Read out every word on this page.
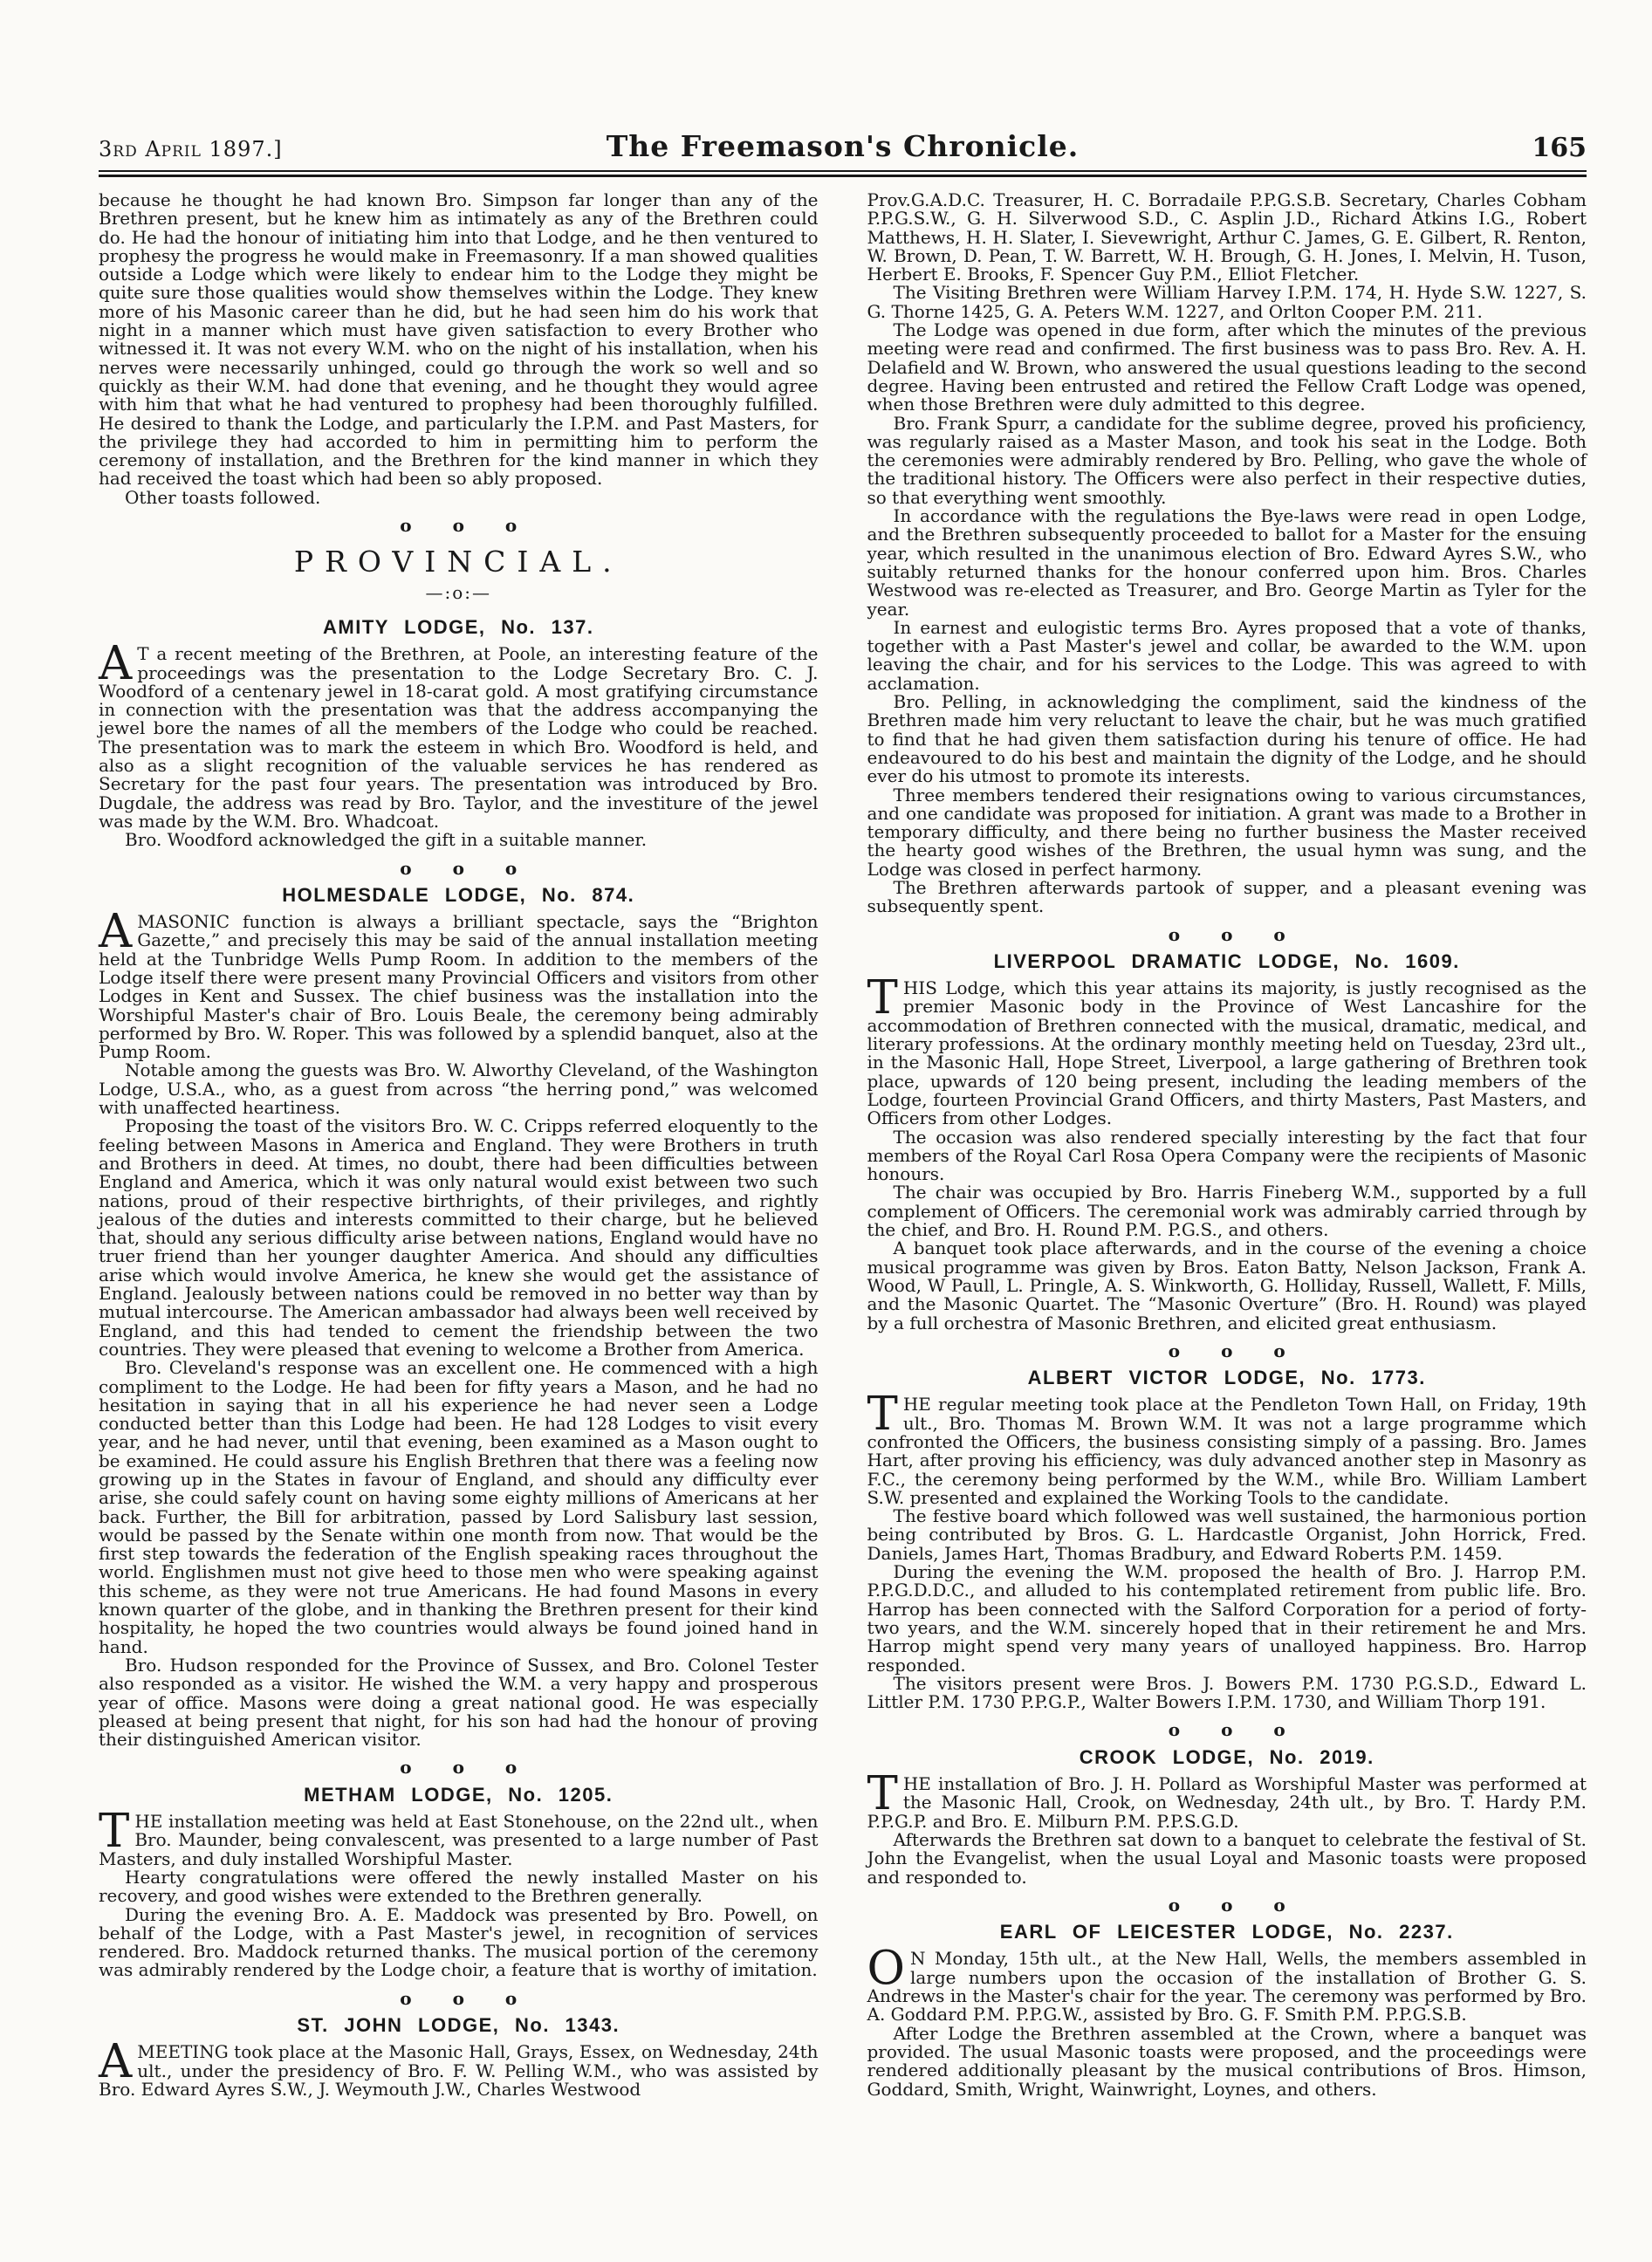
3rd April 1897.]	The Freemason's Chronicle.	165

because he thought he had known Bro. Simpson far longer than any of the Brethren present, but he knew him as intimately as any of the Brethren could do. He had the honour of initiating him into that Lodge, and he then ventured to prophesy the progress he would make in Freemasonry. If a man showed qualities outside a Lodge which were likely to endear him to the Lodge they might be quite sure those qualities would show themselves within the Lodge. They knew more of his Masonic career than he did, but he had seen him do his work that night in a manner which must have given satisfaction to every Brother who witnessed it. It was not every W.M. who on the night of his installation, when his nerves were necessarily unhinged, could go through the work so well and so quickly as their W.M. had done that evening, and he thought they would agree with him that what he had ventured to prophesy had been thoroughly fulfilled. He desired to thank the Lodge, and particularly the I.P.M. and Past Masters, for the privilege they had accorded to him in permitting him to perform the ceremony of installation, and the Brethren for the kind manner in which they had received the toast which had been so ably proposed.

Other toasts followed.

o o o
PROVINCIAL.
—:o:—
AMITY LODGE, No. 137.

A T a recent meeting of the Brethren, at Poole, an interesting feature of the proceedings was the presentation to the Lodge Secretary Bro. C. J. Woodford of a centenary jewel in 18-carat gold. A most gratifying circumstance in connection with the presentation was that the address accompanying the jewel bore the names of all the members of the Lodge who could be reached. The presentation was to mark the esteem in which Bro. Woodford is held, and also as a slight recognition of the valuable services he has rendered as Secretary for the past four years. The presentation was introduced by Bro. Dugdale, the address was read by Bro. Taylor, and the investiture of the jewel was made by the W.M. Bro. Whadcoat.

Bro. Woodford acknowledged the gift in a suitable manner.

o o o
HOLMESDALE LODGE, No. 874.

AMASONIC function is always a brilliant spectacle, says the “Brighton Gazette,” and precisely this may be said of the annual installation meeting held at the Tunbridge Wells Pump Room. In addition to the members of the Lodge itself there were present many Provincial Officers and visitors from other Lodges in Kent and Sussex. The chief business was the installation into the Worshipful Master's chair of Bro. Louis Beale, the ceremony being admirably performed by Bro. W. Roper. This was followed by a splendid banquet, also at the Pump Room.

Notable among the guests was Bro. W. Alworthy Cleveland, of the Washington Lodge, U.S.A., who, as a guest from across “the herring pond,” was welcomed with unaffected heartiness.

Proposing the toast of the visitors Bro. W. C. Cripps referred eloquently to the feeling between Masons in America and England. They were Brothers in truth and Brothers in deed. At times, no doubt, there had been difficulties between England and America, which it was only natural would exist between two such nations, proud of their respective birthrights, of their privileges, and rightly jealous of the duties and interests committed to their charge, but he believed that, should any serious difficulty arise between nations, England would have no truer friend than her younger daughter America. And should any difficulties arise which would involve America, he knew she would get the assistance of England. Jealously between nations could be removed in no better way than by mutual intercourse. The American ambassador had always been well received by England, and this had tended to cement the friendship between the two countries. They were pleased that evening to welcome a Brother from America.

Bro. Cleveland's response was an excellent one. He commenced with a high compliment to the Lodge. He had been for fifty years a Mason, and he had no hesitation in saying that in all his experience he had never seen a Lodge conducted better than this Lodge had been. He had 128 Lodges to visit every year, and he had never, until that evening, been examined as a Mason ought to be examined. He could assure his English Brethren that there was a feeling now growing up in the States in favour of England, and should any difficulty ever arise, she could safely count on having some eighty millions of Americans at her back. Further, the Bill for arbitration, passed by Lord Salisbury last session, would be passed by the Senate within one month from now. That would be the first step towards the federation of the English speaking races throughout the world. Englishmen must not give heed to those men who were speaking against this scheme, as they were not true Americans. He had found Masons in every known quarter of the globe, and in thanking the Brethren present for their kind hospitality, he hoped the two countries would always be found joined hand in hand.

Bro. Hudson responded for the Province of Sussex, and Bro. Colonel Tester also responded as a visitor. He wished the W.M. a very happy and prosperous year of office. Masons were doing a great national good. He was especially pleased at being present that night, for his son had had the honour of proving their distinguished American visitor.

o o o
METHAM LODGE, No. 1205.

THE installation meeting was held at East Stonehouse, on the 22nd ult., when Bro. Maunder, being convalescent, was presented to a large number of Past Masters, and duly installed Worshipful Master.

Hearty congratulations were offered the newly installed Master on his recovery, and good wishes were extended to the Brethren generally.

During the evening Bro. A. E. Maddock was presented by Bro. Powell, on behalf of the Lodge, with a Past Master's jewel, in recognition of services rendered. Bro. Maddock returned thanks. The musical portion of the ceremony was admirably rendered by the Lodge choir, a feature that is worthy of imitation.

o o o
ST. JOHN LODGE, No. 1343.

AMEETING took place at the Masonic Hall, Grays, Essex, on Wednesday, 24th ult., under the presidency of Bro. F. W. Pelling W.M., who was assisted by Bro. Edward Ayres S.W., J. Weymouth J.W., Charles Westwood

Prov.G.A.D.C. Treasurer, H. C. Borradaile P.P.G.S.B. Secretary, Charles Cobham P.P.G.S.W., G. H. Silverwood S.D., C. Asplin J.D., Richard Atkins I.G., Robert Matthews, H. H. Slater, I. Sievewright, Arthur C. James, G. E. Gilbert, R. Renton, W. Brown, D. Pean, T. W. Barrett, W. H. Brough, G. H. Jones, I. Melvin, H. Tuson, Herbert E. Brooks, F. Spencer Guy P.M., Elliot Fletcher.

The Visiting Brethren were William Harvey I.P.M. 174, H. Hyde S.W. 1227, S. G. Thorne 1425, G. A. Peters W.M. 1227, and Orlton Cooper P.M. 211.

The Lodge was opened in due form, after which the minutes of the previous meeting were read and confirmed. The first business was to pass Bro. Rev. A. H. Delafield and W. Brown, who answered the usual questions leading to the second degree. Having been entrusted and retired the Fellow Craft Lodge was opened, when those Brethren were duly admitted to this degree.

Bro. Frank Spurr, a candidate for the sublime degree, proved his proficiency, was regularly raised as a Master Mason, and took his seat in the Lodge. Both the ceremonies were admirably rendered by Bro. Pelling, who gave the whole of the traditional history. The Officers were also perfect in their respective duties, so that everything went smoothly.

In accordance with the regulations the Bye-laws were read in open Lodge, and the Brethren subsequently proceeded to ballot for a Master for the ensuing year, which resulted in the unanimous election of Bro. Edward Ayres S.W., who suitably returned thanks for the honour conferred upon him. Bros. Charles Westwood was re-elected as Treasurer, and Bro. George Martin as Tyler for the year.

In earnest and eulogistic terms Bro. Ayres proposed that a vote of thanks, together with a Past Master's jewel and collar, be awarded to the W.M. upon leaving the chair, and for his services to the Lodge. This was agreed to with acclamation.

Bro. Pelling, in acknowledging the compliment, said the kindness of the Brethren made him very reluctant to leave the chair, but he was much gratified to find that he had given them satisfaction during his tenure of office. He had endeavoured to do his best and maintain the dignity of the Lodge, and he should ever do his utmost to promote its interests.

Three members tendered their resignations owing to various circumstances, and one candidate was proposed for initiation. A grant was made to a Brother in temporary difficulty, and there being no further business the Master received the hearty good wishes of the Brethren, the usual hymn was sung, and the Lodge was closed in perfect harmony.

The Brethren afterwards partook of supper, and a pleasant evening was subsequently spent.

o o o
LIVERPOOL DRAMATIC LODGE, No. 1609.

THIS Lodge, which this year attains its majority, is justly recognised as the premier Masonic body in the Province of West Lancashire for the accommodation of Brethren connected with the musical, dramatic, medical, and literary professions. At the ordinary monthly meeting held on Tuesday, 23rd ult., in the Masonic Hall, Hope Street, Liverpool, a large gathering of Brethren took place, upwards of 120 being present, including the leading members of the Lodge, fourteen Provincial Grand Officers, and thirty Masters, Past Masters, and Officers from other Lodges.

The occasion was also rendered specially interesting by the fact that four members of the Royal Carl Rosa Opera Company were the recipients of Masonic honours.

The chair was occupied by Bro. Harris Fineberg W.M., supported by a full complement of Officers. The ceremonial work was admirably carried through by the chief, and Bro. H. Round P.M. P.G.S., and others.

A banquet took place afterwards, and in the course of the evening a choice musical programme was given by Bros. Eaton Batty, Nelson Jackson, Frank A. Wood, W Paull, L. Pringle, A. S. Winkworth, G. Holliday, Russell, Wallett, F. Mills, and the Masonic Quartet. The “Masonic Overture” (Bro. H. Round) was played by a full orchestra of Masonic Brethren, and elicited great enthusiasm.

o o o
ALBERT VICTOR LODGE, No. 1773.

THE regular meeting took place at the Pendleton Town Hall, on Friday, 19th ult., Bro. Thomas M. Brown W.M. It was not a large programme which confronted the Officers, the business consisting simply of a passing. Bro. James Hart, after proving his efficiency, was duly advanced another step in Masonry as F.C., the ceremony being performed by the W.M., while Bro. William Lambert S.W. presented and explained the Working Tools to the candidate.

The festive board which followed was well sustained, the harmonious portion being contributed by Bros. G. L. Hardcastle Organist, John Horrick, Fred. Daniels, James Hart, Thomas Bradbury, and Edward Roberts P.M. 1459.

During the evening the W.M. proposed the health of Bro. J. Harrop P.M. P.P.G.D.D.C., and alluded to his contemplated retirement from public life. Bro. Harrop has been connected with the Salford Corporation for a period of forty-two years, and the W.M. sincerely hoped that in their retirement he and Mrs. Harrop might spend very many years of unalloyed happiness. Bro. Harrop responded.

The visitors present were Bros. J. Bowers P.M. 1730 P.G.S.D., Edward L. Littler P.M. 1730 P.P.G.P., Walter Bowers I.P.M. 1730, and William Thorp 191.

o o o
CROOK LODGE, No. 2019.

THE installation of Bro. J. H. Pollard as Worshipful Master was performed at the Masonic Hall, Crook, on Wednesday, 24th ult., by Bro. T. Hardy P.M. P.P.G.P. and Bro. E. Milburn P.M. P.P.S.G.D.

Afterwards the Brethren sat down to a banquet to celebrate the festival of St. John the Evangelist, when the usual Loyal and Masonic toasts were proposed and responded to.

o o o
EARL OF LEICESTER LODGE, No. 2237.

O N Monday, 15th ult., at the New Hall, Wells, the members assembled in large numbers upon the occasion of the installation of Brother G. S. Andrews in the Master's chair for the year. The ceremony was performed by Bro. A. Goddard P.M. P.P.G.W., assisted by Bro. G. F. Smith P.M. P.P.G.S.B.

After Lodge the Brethren assembled at the Crown, where a banquet was provided. The usual Masonic toasts were proposed, and the proceedings were rendered additionally pleasant by the musical contributions of Bros. Himson, Goddard, Smith, Wright, Wainwright, Loynes, and others.
